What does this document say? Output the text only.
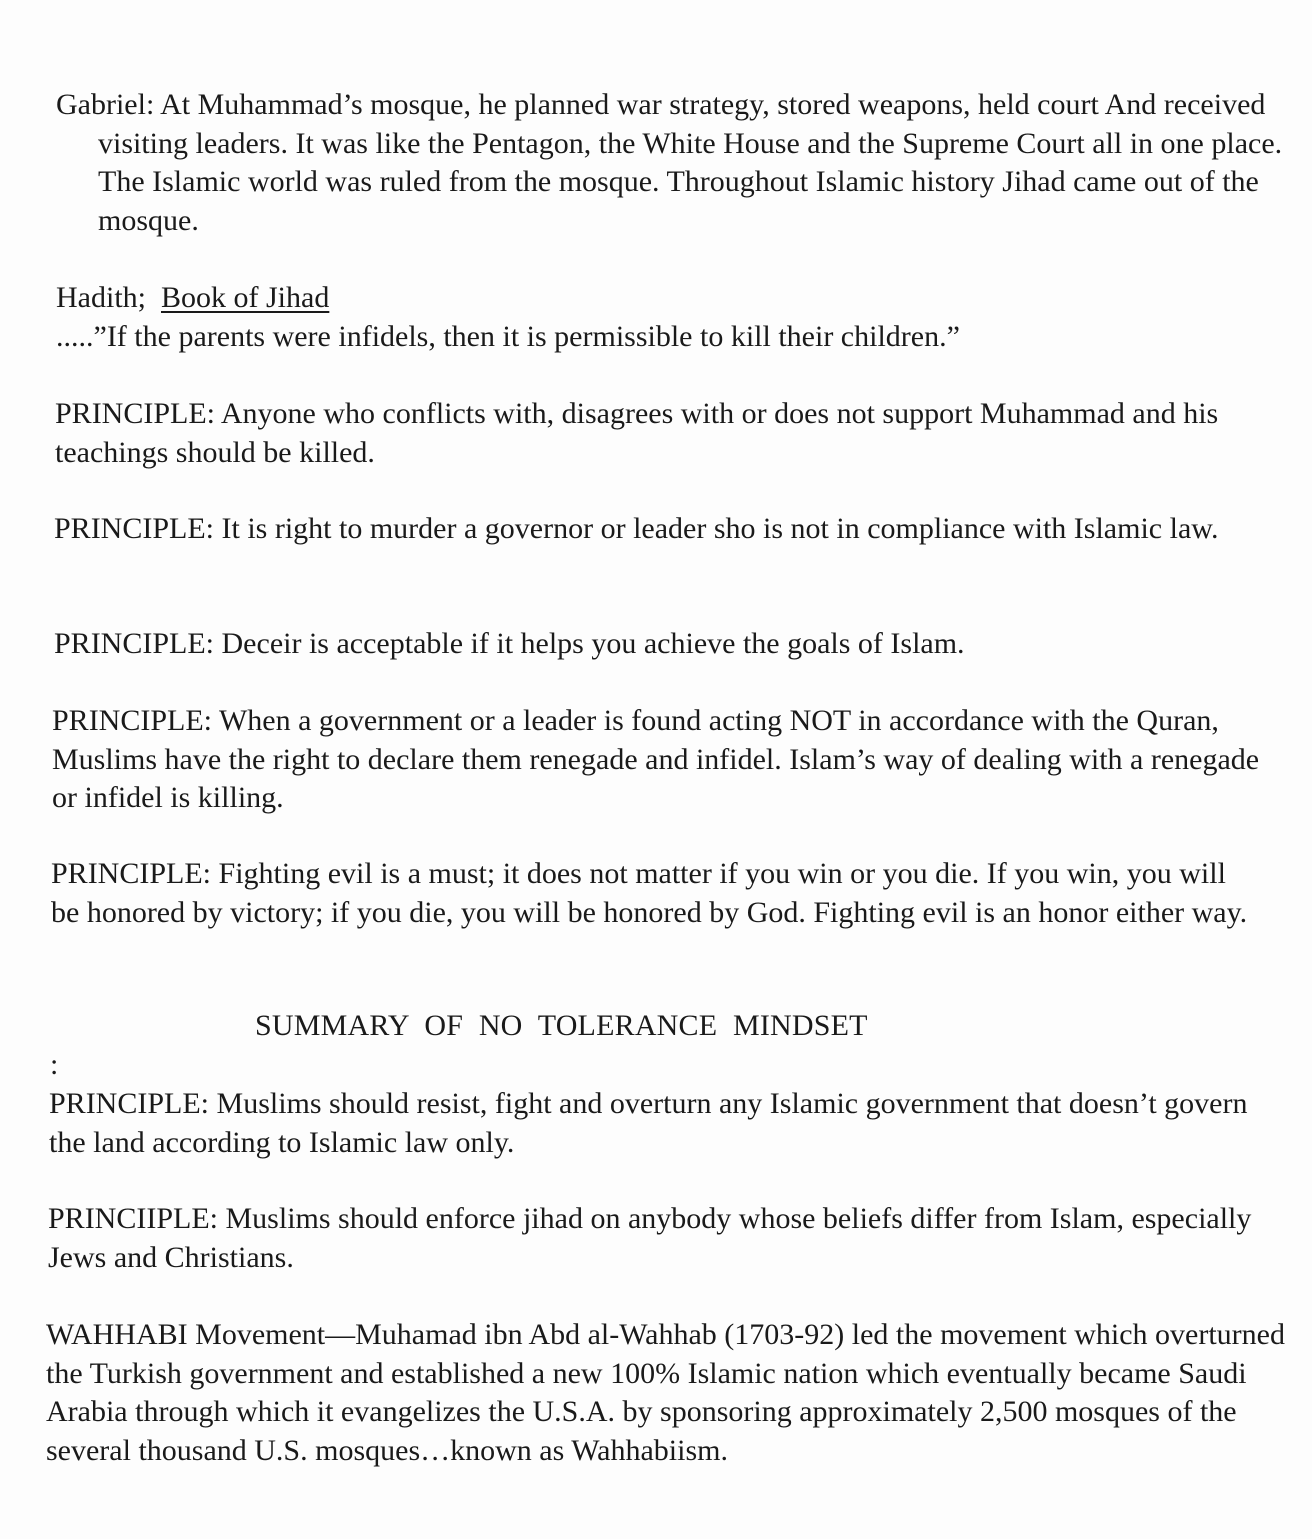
Gabriel: At Muhammad’s mosque, he planned war strategy, stored weapons, held court And received visiting leaders. It was like the Pentagon, the White House and the Supreme Court all in one place. The Islamic world was ruled from the mosque. Throughout Islamic history Jihad came out of the mosque.

Hadith; Book of Jihad
.....”If the parents were infidels, then it is permissible to kill their children.”

PRINCIPLE: Anyone who conflicts with, disagrees with or does not support Muhammad and his teachings should be killed.

PRINCIPLE: It is right to murder a governor or leader sho is not in compliance with Islamic law.

PRINCIPLE: Deceir is acceptable if it helps you achieve the goals of Islam.

PRINCIPLE: When a government or a leader is found acting NOT in accordance with the Quran, Muslims have the right to declare them renegade and infidel. Islam’s way of dealing with a renegade or infidel is killing.

PRINCIPLE: Fighting evil is a must; it does not matter if you win or you die. If you win, you will be honored by victory; if you die, you will be honored by God. Fighting evil is an honor either way.

SUMMARY OF NO TOLERANCE MINDSET
:

PRINCIPLE: Muslims should resist, fight and overturn any Islamic government that doesn’t govern the land according to Islamic law only.

PRINCIIPLE: Muslims should enforce jihad on anybody whose beliefs differ from Islam, especially Jews and Christians.

WAHHABI Movement—Muhamad ibn Abd al-Wahhab (1703-92) led the movement which overturned the Turkish government and established a new 100% Islamic nation which eventually became Saudi Arabia through which it evangelizes the U.S.A. by sponsoring approximately 2,500 mosques of the several thousand U.S. mosques…known as Wahhabiism.
